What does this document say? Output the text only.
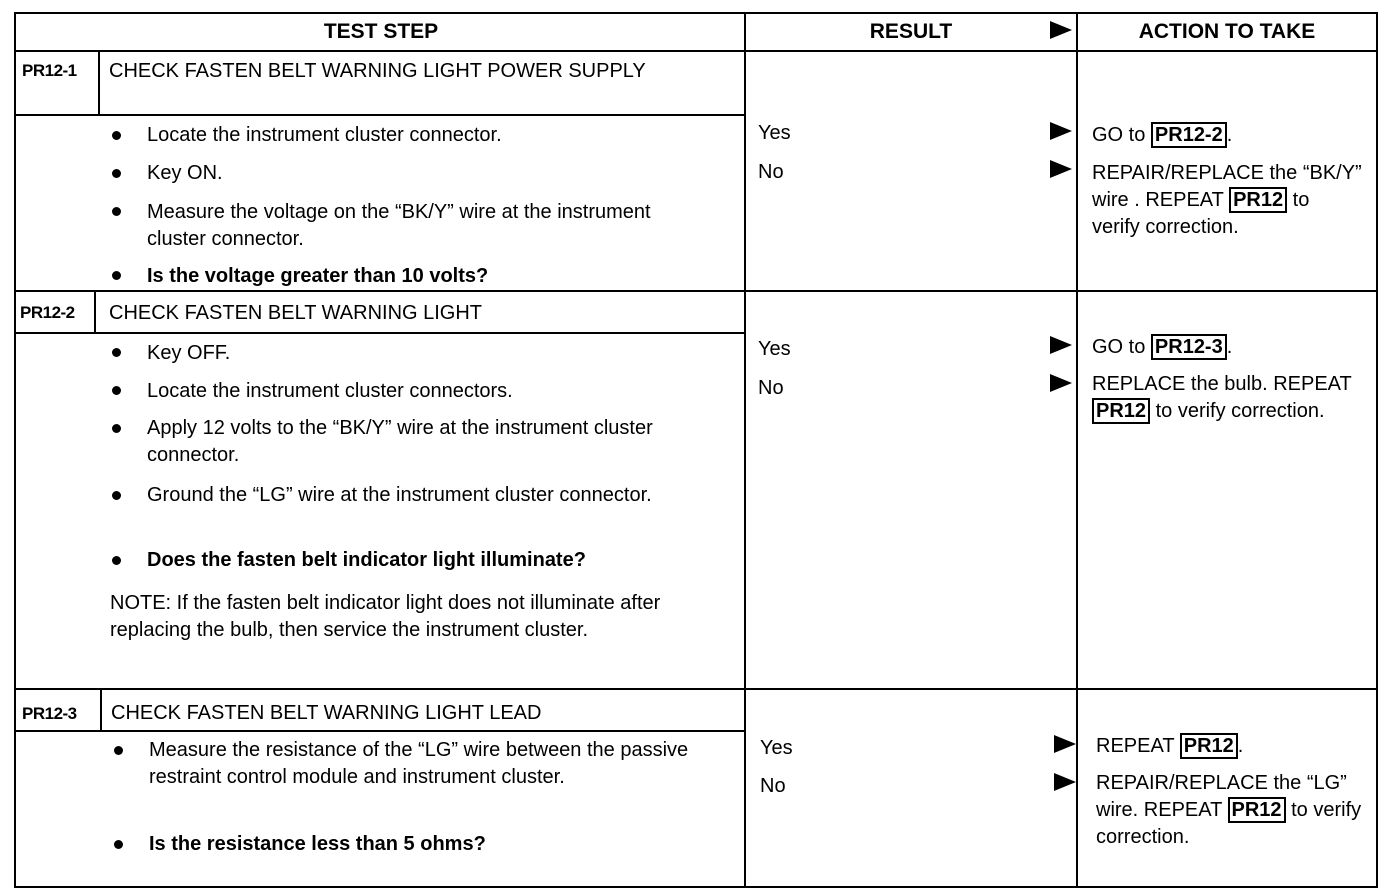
TEST STEP	RESULT	ACTION TO TAKE
PR12-1 CHECK FASTEN BELT WARNING LIGHT POWER SUPPLY
Locate the instrument cluster connector.
Key ON.
Measure the voltage on the “BK/Y” wire at the instrument cluster connector.
Is the voltage greater than 10 volts?
Yes
No
GO to PR12-2 .
REPAIR/REPLACE the “BK/Y” wire . REPEAT PR12 to verify correction.
PR12-2 CHECK FASTEN BELT WARNING LIGHT
Key OFF.
Locate the instrument cluster connectors.
Apply 12 volts to the “BK/Y” wire at the instrument cluster connector.
Ground the “LG” wire at the instrument cluster connector.
Does the fasten belt indicator light illuminate?
NOTE: If the fasten belt indicator light does not illuminate after replacing the bulb, then service the instrument cluster.
Yes
No
GO to PR12-3 .
REPLACE the bulb. REPEAT PR12 to verify correction.
PR12-3 CHECK FASTEN BELT WARNING LIGHT LEAD
Measure the resistance of the “LG” wire between the passive restraint control module and instrument cluster.
Is the resistance less than 5 ohms?
Yes
No
REPEAT PR12 .
REPAIR/REPLACE the “LG” wire. REPEAT PR12 to verify correction.
